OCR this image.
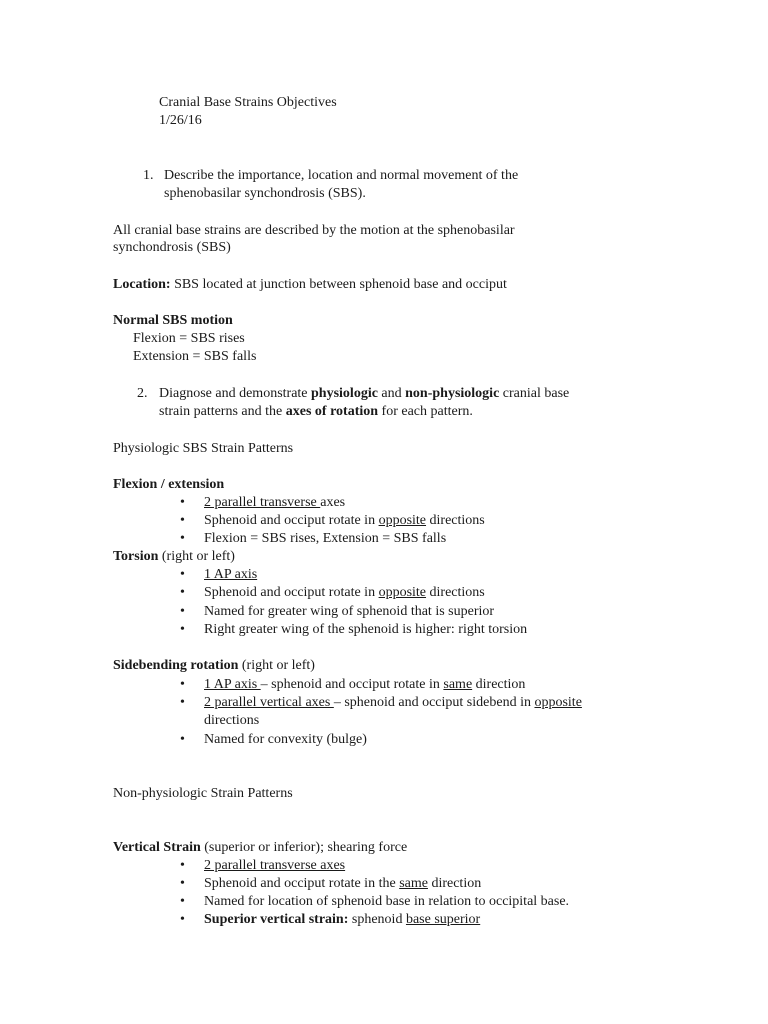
Cranial Base Strains Objectives
1/26/16
1. Describe the importance, location and normal movement of the
sphenobasilar synchondrosis (SBS).
All cranial base strains are described by the motion at the sphenobasilar
synchondrosis (SBS)
Location: SBS located at junction between sphenoid base and occiput
Normal SBS motion
Flexion = SBS rises
Extension = SBS falls
2. Diagnose and demonstrate physiologic and non-physiologic cranial base
strain patterns and the axes of rotation for each pattern.
Physiologic SBS Strain Patterns
Flexion / extension
• 2 parallel transverse axes
• Sphenoid and occiput rotate in opposite directions
• Flexion = SBS rises, Extension = SBS falls
Torsion (right or left)
• 1 AP axis
• Sphenoid and occiput rotate in opposite directions
• Named for greater wing of sphenoid that is superior
• Right greater wing of the sphenoid is higher: right torsion
Sidebending rotation (right or left)
• 1 AP axis – sphenoid and occiput rotate in same direction
• 2 parallel vertical axes – sphenoid and occiput sidebend in opposite
directions
• Named for convexity (bulge)
Non-physiologic Strain Patterns
Vertical Strain (superior or inferior); shearing force
• 2 parallel transverse axes
• Sphenoid and occiput rotate in the same direction
• Named for location of sphenoid base in relation to occipital base.
• Superior vertical strain: sphenoid base superior
